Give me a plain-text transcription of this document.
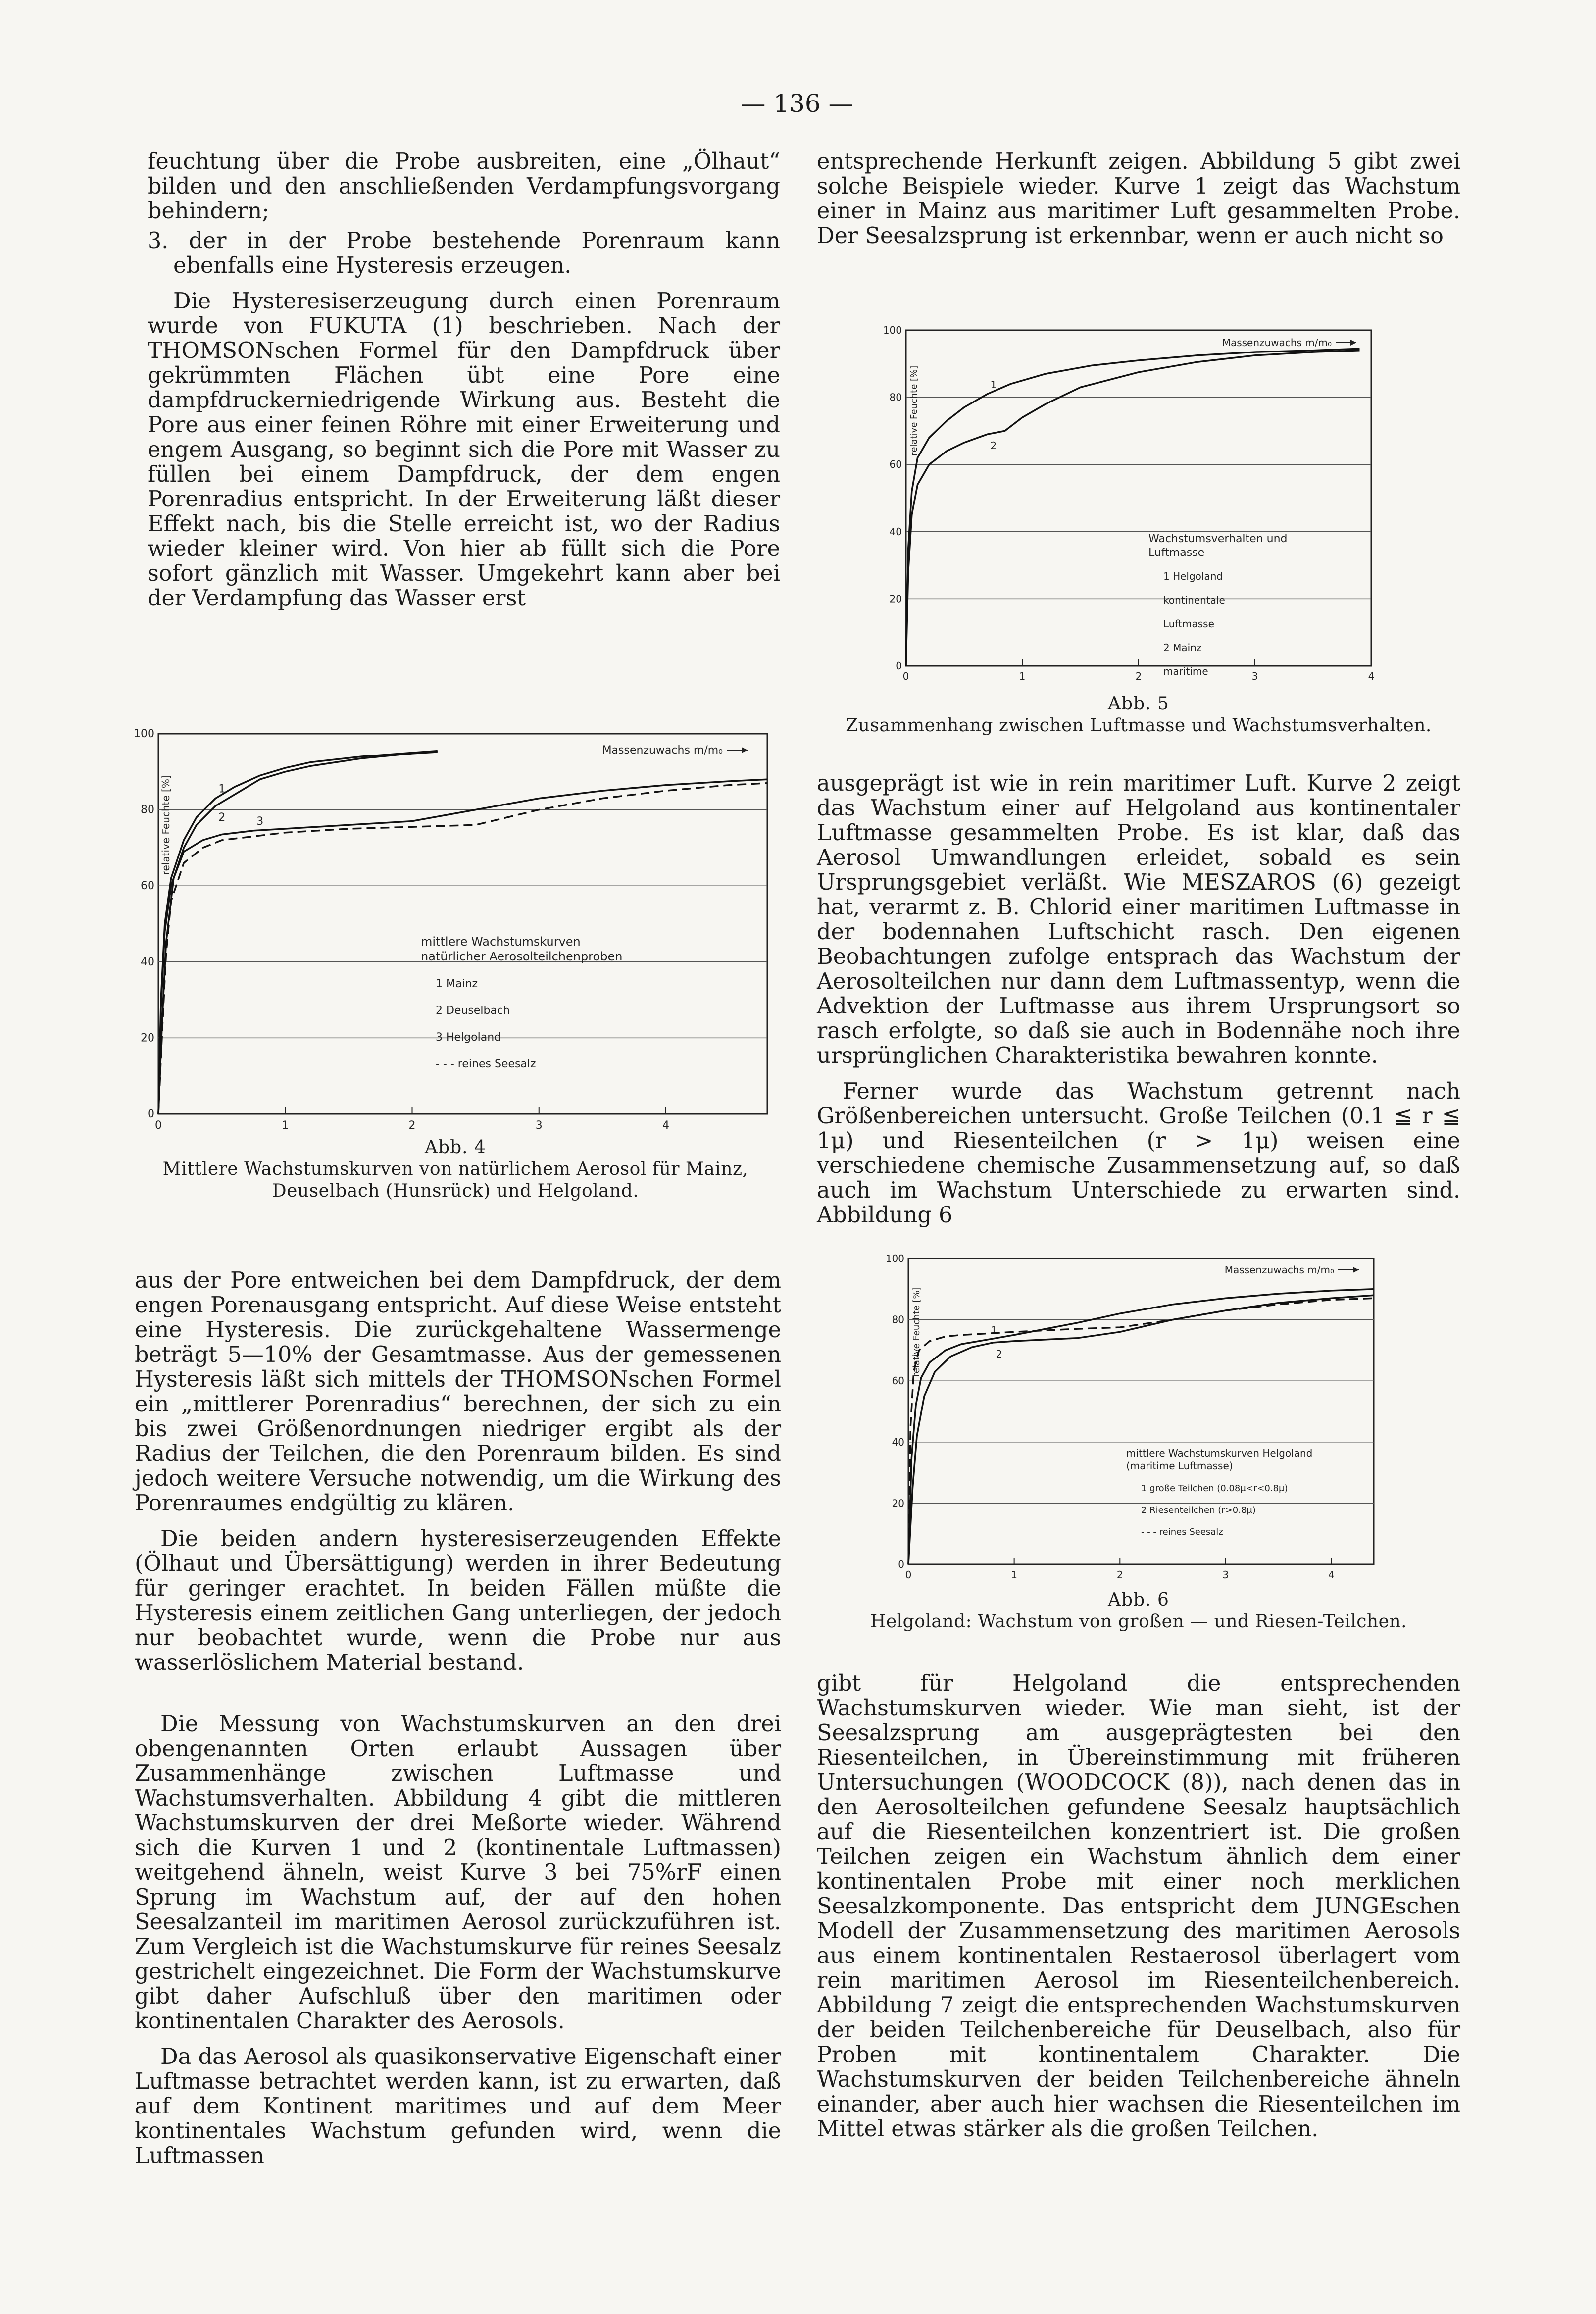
— 136 —

feuchtung über die Probe ausbreiten, eine „Ölhaut“ bilden und den anschließenden Verdampfungsvorgang behindern;

3. der in der Probe bestehende Porenraum kann ebenfalls eine Hysteresis erzeugen.

Die Hysteresiserzeugung durch einen Porenraum wurde von FUKUTA (1) beschrieben. Nach der THOMSONschen Formel für den Dampfdruck über gekrümmten Flächen übt eine Pore eine dampfdruckerniedrigende Wirkung aus. Besteht die Pore aus einer feinen Röhre mit einer Erweiterung und engem Ausgang, so beginnt sich die Pore mit Wasser zu füllen bei einem Dampfdruck, der dem engen Porenradius entspricht. In der Erweiterung läßt dieser Effekt nach, bis die Stelle erreicht ist, wo der Radius wieder kleiner wird. Von hier ab füllt sich die Pore sofort gänzlich mit Wasser. Umgekehrt kann aber bei der Verdampfung das Wasser erst

aus der Pore entweichen bei dem Dampfdruck, der dem engen Porenausgang entspricht. Auf diese Weise entsteht eine Hysteresis. Die zurückgehaltene Wassermenge beträgt 5—10% der Gesamtmasse. Aus der gemessenen Hysteresis läßt sich mittels der THOMSONschen Formel ein „mittlerer Porenradius“ berechnen, der sich zu ein bis zwei Größenordnungen niedriger ergibt als der Radius der Teilchen, die den Porenraum bilden. Es sind jedoch weitere Versuche notwendig, um die Wirkung des Porenraumes endgültig zu klären.

Die beiden andern hysteresiserzeugenden Effekte (Ölhaut und Übersättigung) werden in ihrer Bedeutung für geringer erachtet. In beiden Fällen müßte die Hysteresis einem zeitlichen Gang unterliegen, der jedoch nur beobachtet wurde, wenn die Probe nur aus wasserlöslichem Material bestand.

Die Messung von Wachstumskurven an den drei obengenannten Orten erlaubt Aussagen über Zusammenhänge zwischen Luftmasse und Wachstumsverhalten. Abbildung 4 gibt die mittleren Wachstumskurven der drei Meßorte wieder. Während sich die Kurven 1 und 2 (kontinentale Luftmassen) weitgehend ähneln, weist Kurve 3 bei 75%rF einen Sprung im Wachstum auf, der auf den hohen Seesalzanteil im maritimen Aerosol zurückzuführen ist. Zum Vergleich ist die Wachstumskurve für reines Seesalz gestrichelt eingezeichnet. Die Form der Wachstumskurve gibt daher Aufschluß über den maritimen oder kontinentalen Charakter des Aerosols.

Da das Aerosol als quasikonservative Eigenschaft einer Luftmasse betrachtet werden kann, ist zu erwarten, daß auf dem Kontinent maritimes und auf dem Meer kontinentales Wachstum gefunden wird, wenn die Luftmassen

entsprechende Herkunft zeigen. Abbildung 5 gibt zwei solche Beispiele wieder. Kurve 1 zeigt das Wachstum einer in Mainz aus maritimer Luft gesammelten Probe. Der Seesalzsprung ist erkennbar, wenn er auch nicht so

ausgeprägt ist wie in rein maritimer Luft. Kurve 2 zeigt das Wachstum einer auf Helgoland aus kontinentaler Luftmasse gesammelten Probe. Es ist klar, daß das Aerosol Umwandlungen erleidet, sobald es sein Ursprungsgebiet verläßt. Wie MESZAROS (6) gezeigt hat, verarmt z. B. Chlorid einer maritimen Luftmasse in der bodennahen Luftschicht rasch. Den eigenen Beobachtungen zufolge entsprach das Wachstum der Aerosolteilchen nur dann dem Luftmassentyp, wenn die Advektion der Luftmasse aus ihrem Ursprungsort so rasch erfolgte, so daß sie auch in Bodennähe noch ihre ursprünglichen Charakteristika bewahren konnte.

Ferner wurde das Wachstum getrennt nach Größenbereichen untersucht. Große Teilchen (0.1 ≦ r ≦ 1μ) und Riesenteilchen (r > 1μ) weisen eine verschiedene chemische Zusammensetzung auf, so daß auch im Wachstum Unterschiede zu erwarten sind. Abbildung 6

gibt für Helgoland die entsprechenden Wachstumskurven wieder. Wie man sieht, ist der Seesalzsprung am ausgeprägtesten bei den Riesenteilchen, in Übereinstimmung mit früheren Untersuchungen (WOODCOCK (8)), nach denen das in den Aerosolteilchen gefundene Seesalz hauptsächlich auf die Riesenteilchen konzentriert ist. Die großen Teilchen zeigen ein Wachstum ähnlich dem einer kontinentalen Probe mit einer noch merklichen Seesalzkomponente. Das entspricht dem JUNGEschen Modell der Zusammensetzung des maritimen Aerosols aus einem kontinentalen Restaerosol überlagert vom rein maritimen Aerosol im Riesenteilchenbereich. Abbildung 7 zeigt die entsprechenden Wachstumskurven der beiden Teilchenbereiche für Deuselbach, also für Proben mit kontinentalem Charakter. Die Wachstumskurven der beiden Teilchenbereiche ähneln einander, aber auch hier wachsen die Riesenteilchen im Mittel etwas stärker als die großen Teilchen.

0
20
40
60
80
100
0	1	2	3	4
relative Feuchte [%]
Massenzuwachs m/m₀
1
2	3
mittlere Wachstumskurven natürlicher Aerosolteilchenproben
1 Mainz
2 Deuselbach
3 Helgoland
- - - reines Seesalz
Abb. 4
Mittlere Wachstumskurven von natürlichem Aerosol für Mainz, Deuselbach (Hunsrück) und Helgoland.
0
20
40
60
80
100
0	1	2	3	4
relative Feuchte [%]
Massenzuwachs m/m₀
1
2
Wachstumsverhalten und Luftmasse
1 Helgoland
kontinentale
Luftmasse
2 Mainz
maritime
Abb. 5
Zusammenhang zwischen Luftmasse und Wachstumsverhalten.
0
20
40
60
80
100
0	1	2	3	4
relative Feuchte [%]
Massenzuwachs m/m₀
1
2
mittlere Wachstumskurven Helgoland (maritime Luftmasse)
1 große Teilchen (0.08μ<r<0.8μ)
2 Riesenteilchen (r>0.8μ)
- - - reines Seesalz
Abb. 6
Helgoland: Wachstum von großen — und Riesen-Teilchen.
